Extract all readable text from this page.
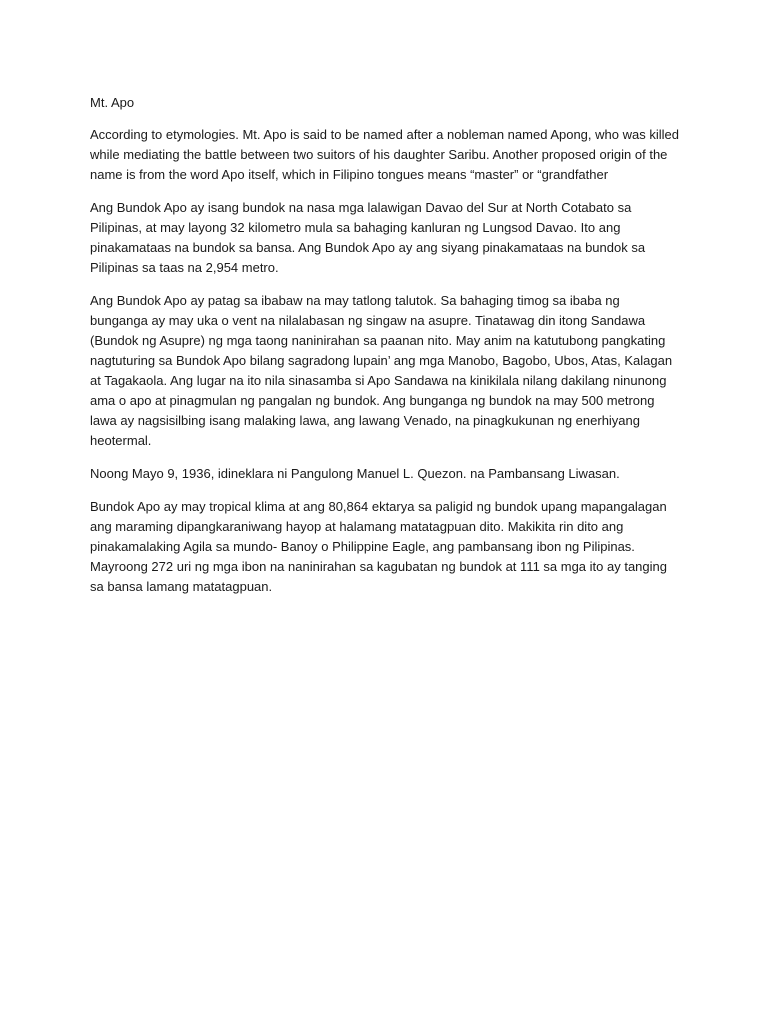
Mt. Apo

According to etymologies. Mt. Apo is said to be named after a nobleman named Apong, who was killed while mediating the battle between two suitors of his daughter Saribu. Another proposed origin of the name is from the word Apo itself, which in Filipino tongues means “master” or “grandfather

Ang Bundok Apo ay isang bundok na nasa mga lalawigan Davao del Sur at North Cotabato sa Pilipinas, at may layong 32 kilometro mula sa bahaging kanluran ng Lungsod Davao. Ito ang pinakamataas na bundok sa bansa. Ang Bundok Apo ay ang siyang pinakamataas na bundok sa Pilipinas sa taas na 2,954 metro.

Ang Bundok Apo ay patag sa ibabaw na may tatlong talutok. Sa bahaging timog sa ibaba ng bunganga ay may uka o vent na nilalabasan ng singaw na asupre. Tinatawag din itong Sandawa (Bundok ng Asupre) ng mga taong naninirahan sa paanan nito. May anim na katutubong pangkating nagtuturing sa Bundok Apo bilang sagradong lupain’ ang mga Manobo, Bagobo, Ubos, Atas, Kalagan at Tagakaola. Ang lugar na ito nila sinasamba si Apo Sandawa na kinikilala nilang dakilang ninunong ama o apo at pinagmulan ng pangalan ng bundok. Ang bunganga ng bundok na may 500 metrong lawa ay nagsisilbing isang malaking lawa, ang lawang Venado, na pinagkukunan ng enerhiyang heotermal.

Noong Mayo 9, 1936, idineklara ni Pangulong Manuel L. Quezon. na Pambansang Liwasan.

Bundok Apo ay may tropical klima at ang 80,864 ektarya sa paligid ng bundok upang mapangalagan ang maraming dipangkaraniwang hayop at halamang matatagpuan dito. Makikita rin dito ang pinakamalaking Agila sa mundo- Banoy o Philippine Eagle, ang pambansang ibon ng Pilipinas. Mayroong 272 uri ng mga ibon na naninirahan sa kagubatan ng bundok at 111 sa mga ito ay tanging sa bansa lamang matatagpuan.
